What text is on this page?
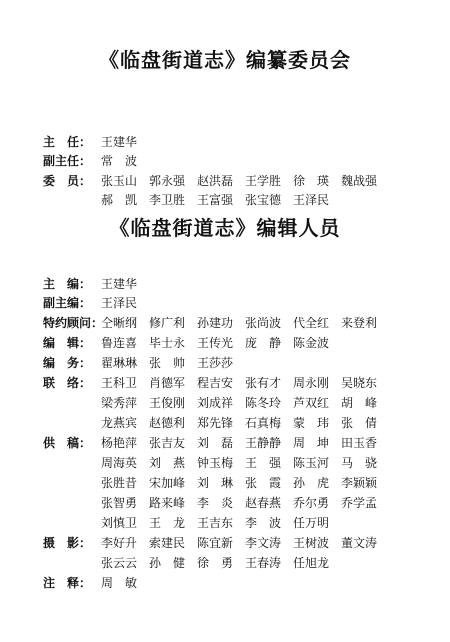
《临盘街道志》编纂委员会
主　任： 王建华
副主任： 常　波
委　员： 张玉山 郭永强 赵洪磊 王学胜 徐　瑛 魏战强
郝　凯 李卫胜 王富强 张宝德 王泽民
《临盘街道志》编辑人员
主　编： 王建华
副主编： 王泽民
特约顾问：
仝晰纲 修广利 孙建功 张尚波 代全红 来登利
编　辑： 鲁连喜 毕士永 王传光 庞　静 陈金波
编　务： 翟琳琳 张　帅 王莎莎
联　络： 王科卫 肖德军 程吉安 张有才 周永刚 吴晓东
梁秀萍 王俊刚 刘成祥 陈冬玲 芦双红 胡　峰
龙燕宾 赵德利 郑先锋 石真梅 蒙　玮 张　倩
供　稿： 杨艳萍 张吉友 刘　磊 王静静 周　坤 田玉香
周海英 刘　燕 钟玉梅 王　强 陈玉河 马　骁
张胜昔 宋加峰 刘　琳 张　霞 孙　虎 李颖颖
张智勇 路来峰 李　炎 赵春燕 乔尔勇 乔学孟
刘慎卫 王　龙 王吉东 李　波 任万明
摄　影： 李好升 索建民 陈宜新 李文涛 王树波 董文涛
张云云 孙　健 徐　勇 王春涛 任旭龙
注　释： 周　敏
